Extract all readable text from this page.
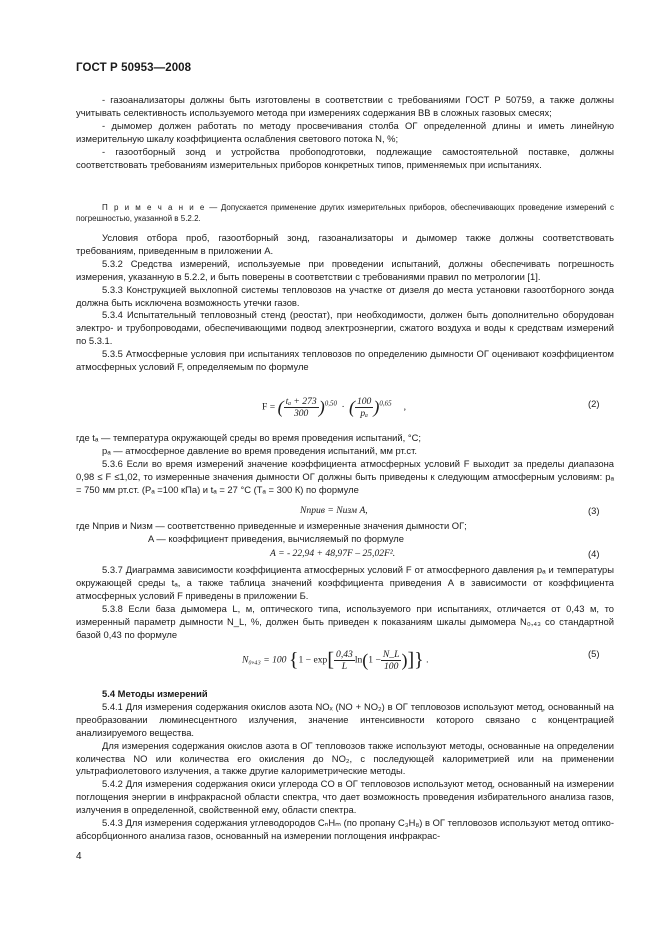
ГОСТ Р 50953—2008

- газоанализаторы должны быть изготовлены в соответствии с требованиями ГОСТ Р 50759, а также должны учитывать селективность используемого метода при измерениях содержания ВВ в сложных газовых смесях;

- дымомер должен работать по методу просвечивания столба ОГ определенной длины и иметь линейную измерительную шкалу коэффициента ослабления светового потока N, %;

- газоотборный зонд и устройства пробоподготовки, подлежащие самостоятельной поставке, должны соответствовать требованиям измерительных приборов конкретных типов, применяемых при испытаниях.

П р и м е ч а н и е — Допускается применение других измерительных приборов, обеспечивающих проведение измерений с погрешностью, указанной в 5.2.2.

Условия отбора проб, газоотборный зонд, газоанализаторы и дымомер также должны соответствовать требованиям, приведенным в приложении А.

5.3.2 Средства измерений, используемые при проведении испытаний, должны обеспечивать погрешность измерения, указанную в 5.2.2, и быть поверены в соответствии с требованиями правил по метрологии [1].

5.3.3 Конструкцией выхлопной системы тепловозов на участке от дизеля до места установки газоотборного зонда должна быть исключена возможность утечки газов.

5.3.4 Испытательный тепловозный стенд (реостат), при необходимости, должен быть дополнительно оборудован электро- и трубопроводами, обеспечивающими подвод электроэнергии, сжатого воздуха и воды к средствам измерений по 5.3.1.

5.3.5 Атмосферные условия при испытаниях тепловозов по определению дымности ОГ оценивают коэффициентом атмосферных условий F, определяемым по формуле

F = ( $\frac{\text{tₐ + 273}}{300} )^{0,50}$  ·  ( $\frac{100}{\text{pₐ}} )^{0,65}$     ,	(2)

где tₐ — температура окружающей среды во время проведения испытаний, °С;

pₐ — атмосферное давление во время проведения испытаний, мм рт.ст.

5.3.6 Если во время измерений значение коэффициента атмосферных условий F выходит за пределы диапазона 0,98 ≤ F ≤1,02, то измеренные значения дымности ОГ должны быть приведены к следующим атмосферным условиям: pₐ = 750 мм рт.ст. (Pₐ =100 кПа) и tₐ = 27 °С (Tₐ = 300 К) по формуле

Nприв = Nизм A,	(3)

где Nприв и Nизм — соответственно приведенные и измеренные значения дымности ОГ;

A — коэффициент приведения, вычисляемый по формуле

A = - 22,94 + 48,97F – 25,02F².	(4)

5.3.7 Диаграмма зависимости коэффициента атмосферных условий F от атмосферного давления pₐ и температуры окружающей среды tₐ, а также таблица значений коэффициента приведения A в зависимости от коэффициента атмосферных условий F приведены в приложении Б.

5.3.8 Если база дымомера L, м, оптического типа, используемого при испытаниях, отличается от 0,43 м, то измеренный параметр дымности N_L, %, должен быть приведен к показаниям шкалы дымомера N₀,₄₃ со стандартной базой 0,43 по формуле

N₀,₄₃ = 100 {$1 - \exp[ \frac{0,43}{L} \ln(1 - \frac{N\_L}{100}$ )]} .
(5)

5.4 Методы измерений

5.4.1 Для измерения содержания окислов азота NOₓ (NO + NO₂) в ОГ тепловозов используют метод, основанный на преобразовании люминесцентного излучения, значение интенсивности которого связано с концентрацией анализируемого вещества.

Для измерения содержания окислов азота в ОГ тепловозов также используют методы, основанные на определении количества NO или количества его окисления до NO₂, с последующей калориметрией или на применении ультрафиолетового излучения, а также другие калориметрические методы.

5.4.2 Для измерения содержания окиси углерода CO в ОГ тепловозов используют метод, основанный на измерении поглощения энергии в инфракрасной области спектра, что дает возможность проведения избирательного анализа газов, излучения в определенной, свойственной ему, области спектра.

5.4.3 Для измерения содержания углеводородов CₙHₘ (по пропану C₃H₈) в ОГ тепловозов используют метод оптико-абсорбционного анализа газов, основанный на измерении поглощения инфракрас-

4
